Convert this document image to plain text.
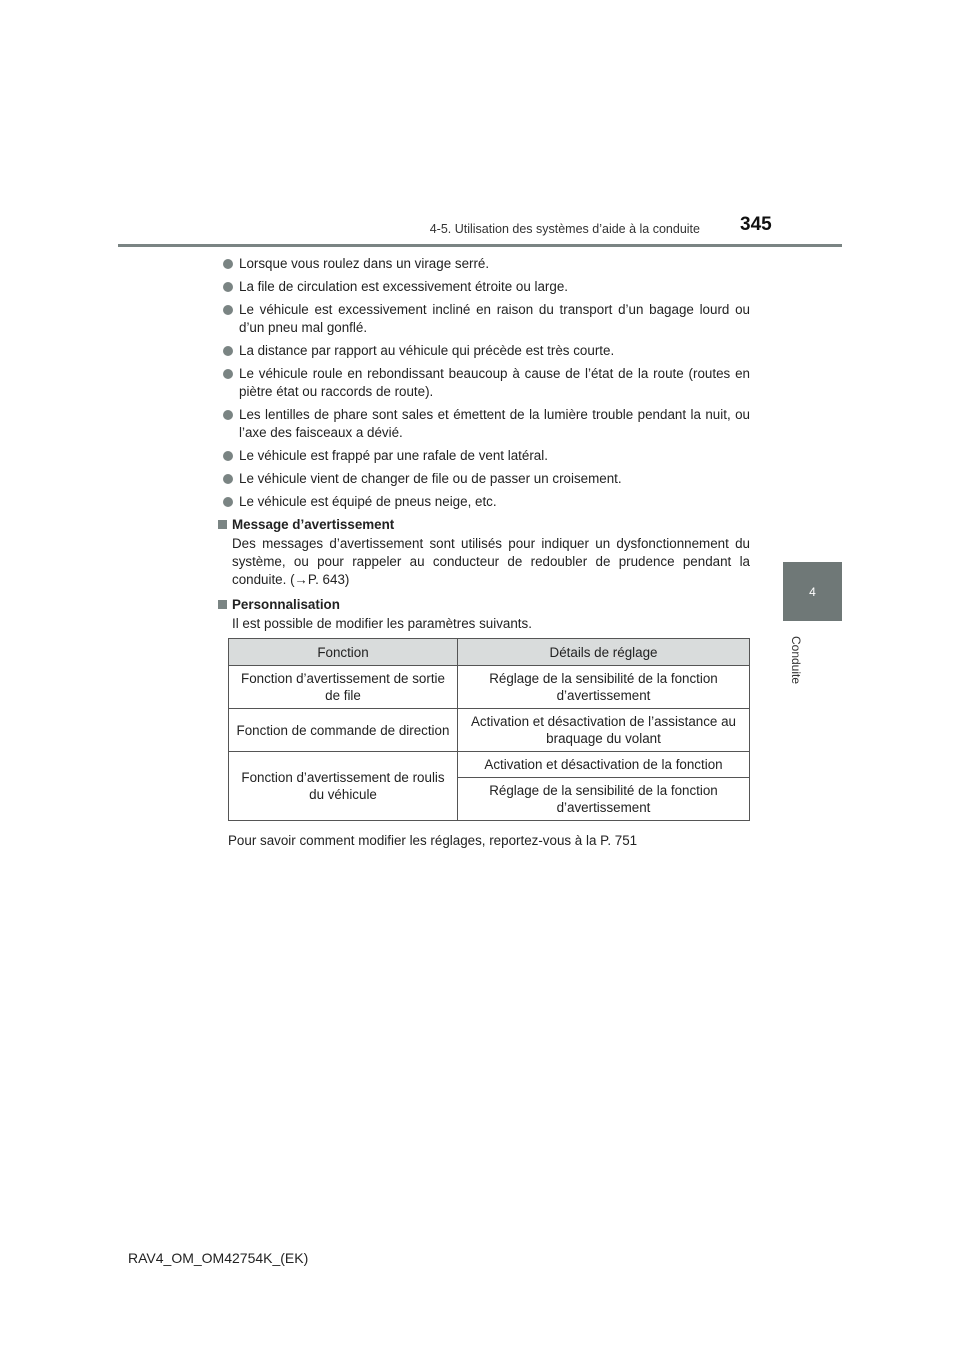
4-5. Utilisation des systèmes d’aide à la conduite 345
4
Conduite
Lorsque vous roulez dans un virage serré.
La file de circulation est excessivement étroite ou large.
Le véhicule est excessivement incliné en raison du transport d’un bagage lourd ou d’un pneu mal gonflé.
La distance par rapport au véhicule qui précède est très courte.
Le véhicule roule en rebondissant beaucoup à cause de l’état de la route (routes en piètre état ou raccords de route).
Les lentilles de phare sont sales et émettent de la lumière trouble pendant la nuit, ou l’axe des faisceaux a dévié.
Le véhicule est frappé par une rafale de vent latéral.
Le véhicule vient de changer de file ou de passer un croisement.
Le véhicule est équipé de pneus neige, etc.
Message d’avertissement
Des messages d’avertissement sont utilisés pour indiquer un dysfonctionnement du système, ou pour rappeler au conducteur de redoubler de prudence pendant la conduite. (→P. 643)
Personnalisation
Il est possible de modifier les paramètres suivants.
Fonction	Détails de réglage
Fonction d’avertissement de sortie de file	Réglage de la sensibilité de la fonction d’avertissement
Fonction de commande de direction	Activation et désactivation de l’assistance au braquage du volant
Fonction d’avertissement de roulis du véhicule	Activation et désactivation de la fonction
	Réglage de la sensibilité de la fonction d’avertissement
Pour savoir comment modifier les réglages, reportez-vous à la P. 751
RAV4_OM_OM42754K_(EK)
